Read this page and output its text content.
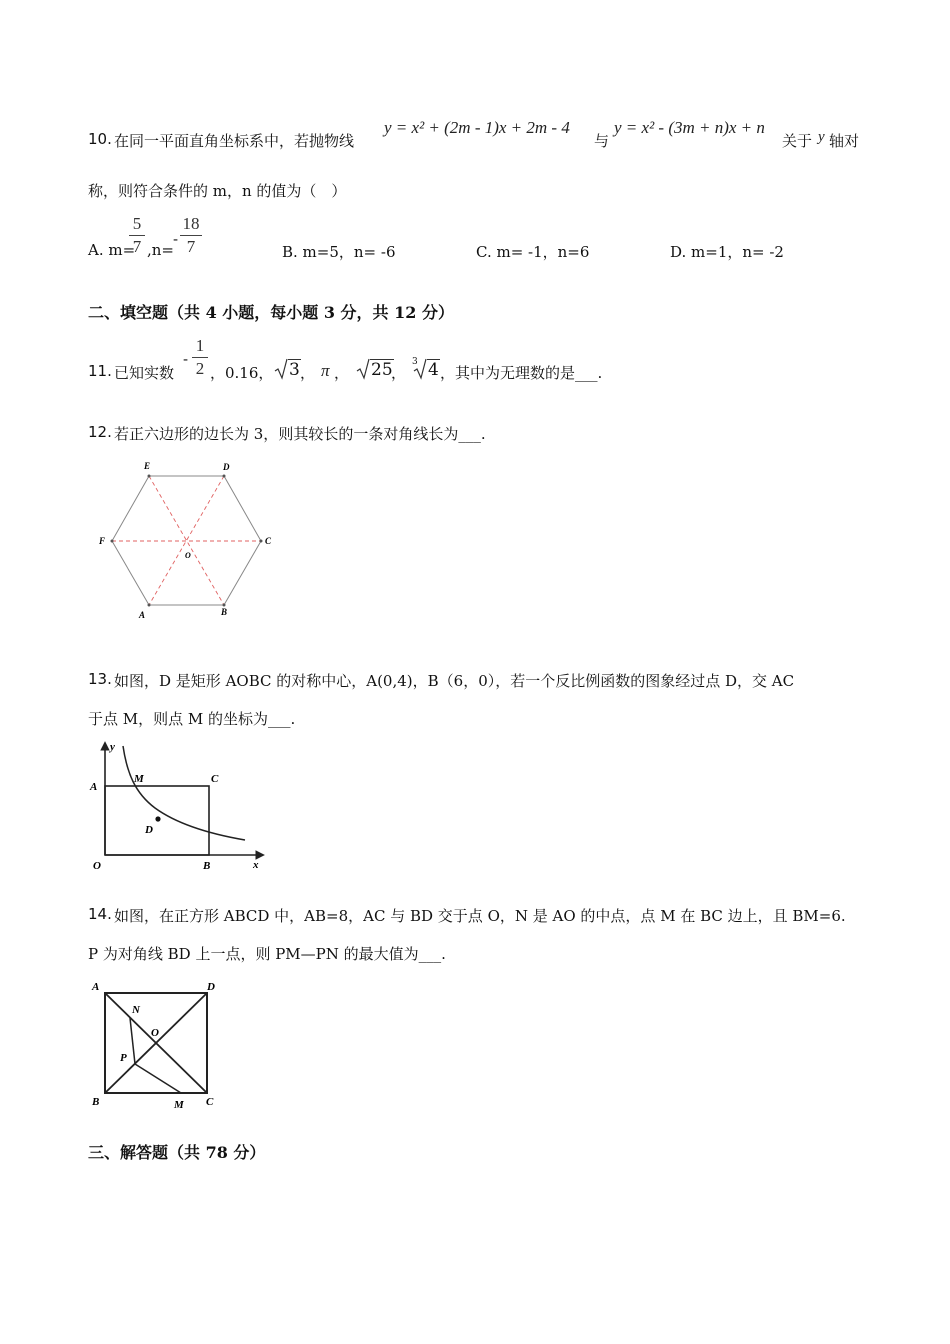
10. 在同一平面直角坐标系中，若抛物线
y = x² + (2m - 1)x + 2m - 4
与
y = x² - (3m + n)x + n
关于 y 轴对
称，则符合条件的 m，n 的值为（　）
A. m=
5
7 ,n=
-
18
7	B. m=5，n= -6	C. m= -1，n=6	D. m=1，n= -2
二、填空题（共 4 小题，每小题 3 分，共 12 分）
11. 已知实数
-
1
2 ，0.16， 3 ， π ， 25
，
3 4 ，其中为无理数的是___.
12. 若正六边形的边长为 3，则其较长的一条对角线长为___.
E	D
F	C
O
A	B
13. 如图，D 是矩形 AOBC 的对称中心，A(0,4)，B（6，0），若一个反比例函数的图象经过点 D，交 AC
于点 M，则点 M 的坐标为___.
y
A
M	C
D
O	B	x
14. 如图，在正方形 ABCD 中，AB=8，AC 与 BD 交于点 O，N 是 AO 的中点，点 M 在 BC 边上，且 BM=6.
P 为对角线 BD 上一点，则 PM—PN 的最大值为___.
A	D
N
O
P
B	M C
三、解答题（共 78 分）
